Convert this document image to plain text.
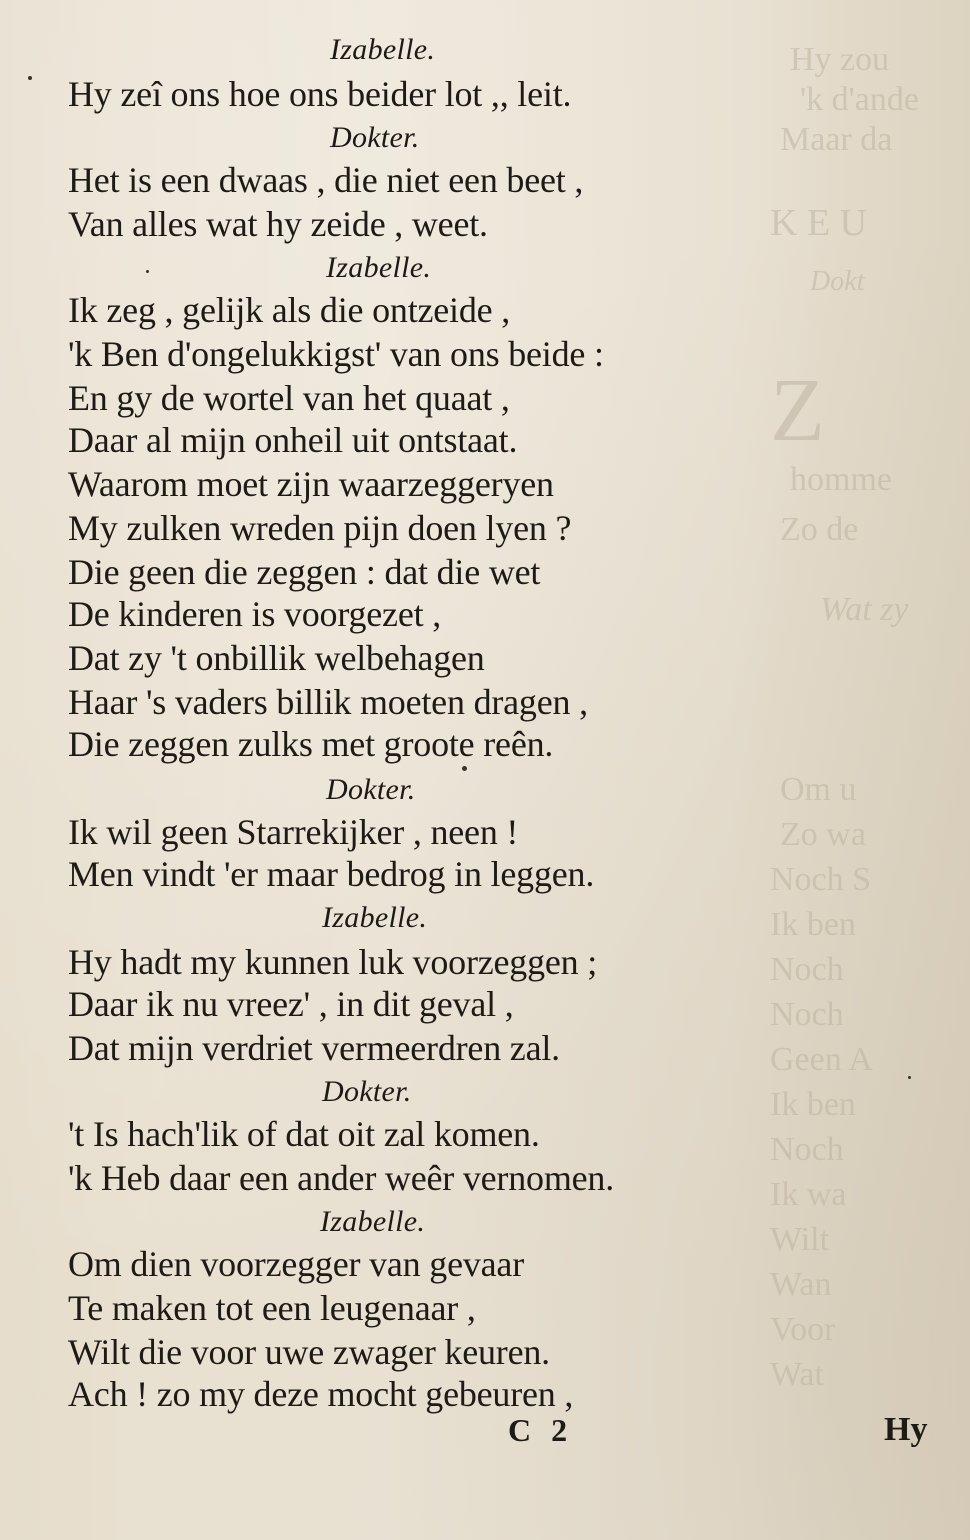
Hy zou
'k d'ande
Maar da
K E U
Dokt
Z
homme
Zo de
Wat zy
Om u
Zo wa
Noch S
Ik ben
Noch
Noch
Geen A
Ik ben
Noch
Ik wa
Wilt
Wan
Voor
Wat
Izabelle.
Hy zeî ons hoe ons beider lot ,, leit.
Dokter.
Het is een dwaas , die niet een beet ,
Van alles wat hy zeide , weet.
Izabelle.
Ik zeg , gelijk als die ontzeide ,
'k Ben d'ongelukkigst' van ons beide :
En gy de wortel van het quaat ,
Daar al mijn onheil uit ontstaat.
Waarom moet zijn waarzeggeryen
My zulken wreden pijn doen lyen ?
Die geen die zeggen : dat die wet
De kinderen is voorgezet ,
Dat zy 't onbillik welbehagen
Haar 's vaders billik moeten dragen ,
Die zeggen zulks met groote reên.
Dokter.
Ik wil geen Starrekijker , neen !
Men vindt 'er maar bedrog in leggen.
Izabelle.
Hy hadt my kunnen luk voorzeggen ;
Daar ik nu vreez' , in dit geval ,
Dat mijn verdriet vermeerdren zal.
Dokter.
't Is hach'lik of dat oit zal komen.
'k Heb daar een ander weêr vernomen.
Izabelle.
Om dien voorzegger van gevaar
Te maken tot een leugenaar ,
Wilt die voor uwe zwager keuren.
Ach ! zo my deze mocht gebeuren ,
C 2	Hy
